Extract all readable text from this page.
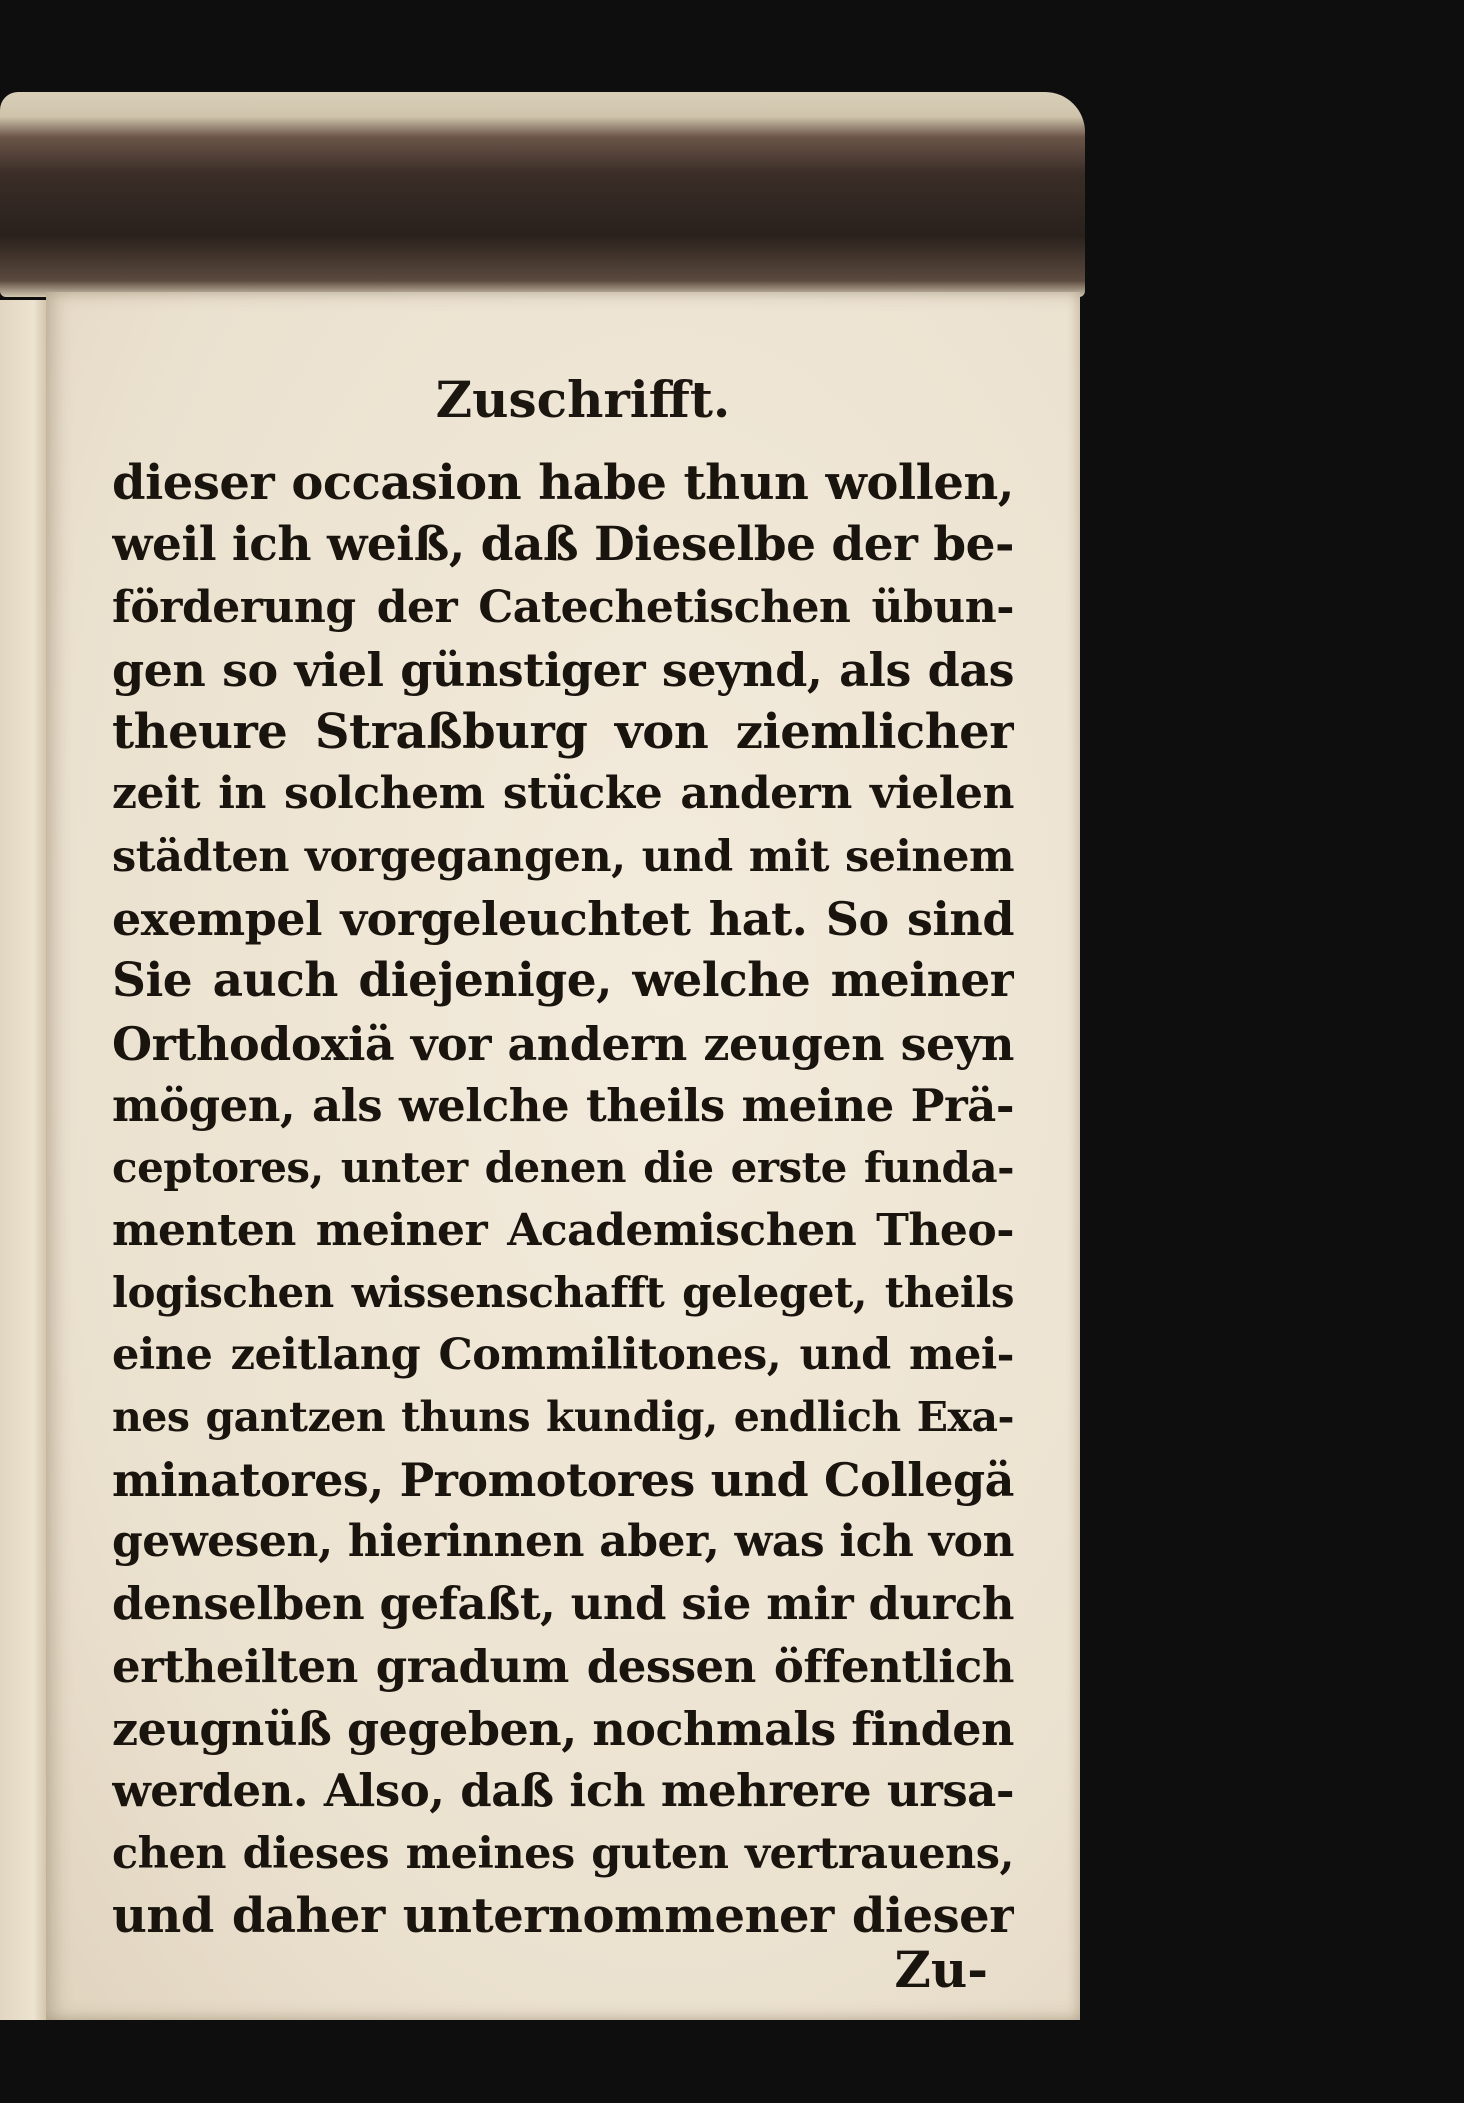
Zuschrifft.
dieser occasion habe thun wollen,
weil ich weiß, daß Dieselbe der be-
förderung der Catechetischen übun-
gen so viel günstiger seynd, als das
theure Straßburg von ziemlicher
zeit in solchem stücke andern vielen
städten vorgegangen, und mit seinem
exempel vorgeleuchtet hat. So sind
Sie auch diejenige, welche meiner
Orthodoxiä vor andern zeugen seyn
mögen, als welche theils meine Prä-
ceptores, unter denen die erste funda-
menten meiner Academischen Theo-
logischen wissenschafft geleget, theils
eine zeitlang Commilitones, und mei-
nes gantzen thuns kundig, endlich Exa-
minatores, Promotores und Collegä
gewesen, hierinnen aber, was ich von
denselben gefaßt, und sie mir durch
ertheilten gradum dessen öffentlich
zeugnüß gegeben, nochmals finden
werden. Also, daß ich mehrere ursa-
chen dieses meines guten vertrauens,
und daher unternommener dieser
Zu-
